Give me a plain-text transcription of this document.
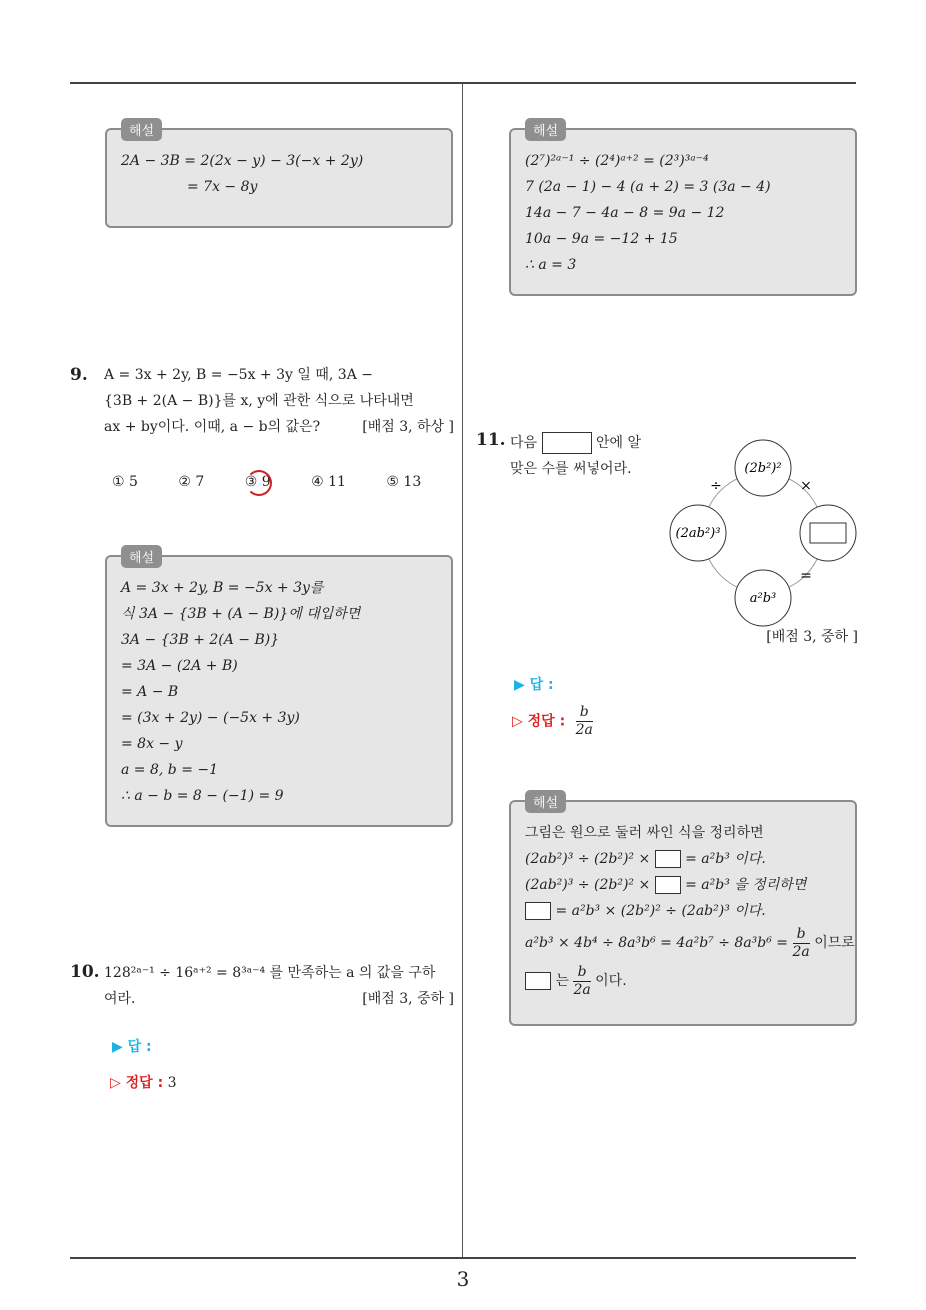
3
해설
2A − 3B = 2(2x − y) − 3(−x + 2y)
= 7x − 8y
9. A = 3x + 2y, B = −5x + 3y 일 때, 3A −
{3B + 2(A − B)}를 x, y에 관한 식으로 나타내면
ax + by이다. 이때, a − b의 값은?	[배점 3, 하상 ]
① 5	② 7	③ 9	④ 11	⑤ 13
해설
A = 3x + 2y, B = −5x + 3y를
식 3A − {3B + (A − B)}에 대입하면
3A − {3B + 2(A − B)}
= 3A − (2A + B)
= A − B
= (3x + 2y) − (−5x + 3y)
= 8x − y
a = 8, b = −1
∴ a − b = 8 − (−1) = 9
10. 128²ᵃ⁻¹ ÷ 16ᵃ⁺² = 8³ᵃ⁻⁴ 를 만족하는 a 의 값을 구하
여라.	[배점 3, 중하 ]
▶ 답 :
▷ 정답 : 3
해설
(2⁷)²ᵃ⁻¹ ÷ (2⁴)ᵃ⁺² = (2³)³ᵃ⁻⁴
7 (2a − 1) − 4 (a + 2) = 3 (3a − 4)
14a − 7 − 4a − 8 = 9a − 12
10a − 9a = −12 + 15
∴ a = 3
11. 다음	안에 알
맞은 수를 써넣어라.	(2b²)²
(2ab²)³
a²b³
÷	×
=
[배점 3, 중하 ]
▶ 답 :
▷ 정답 : $\frac{b}{2a}$
해설
그림은 원으로 둘러 싸인 식을 정리하면
(2ab²)³ ÷ (2b²)² × = a²b³ 이다.
(2ab²)³ ÷ (2b²)² × = a²b³ 을 정리하면
= a²b³ × (2b²)² ÷ (2ab²)³ 이다.
$a^2b^3 \times 4b^4 \div 8a^3b^6 = 4a^2b^7 \div 8a^3b^6 = \frac{b}{2a}$ 이므로
는 $\frac{b}{2a}$ 이다.
